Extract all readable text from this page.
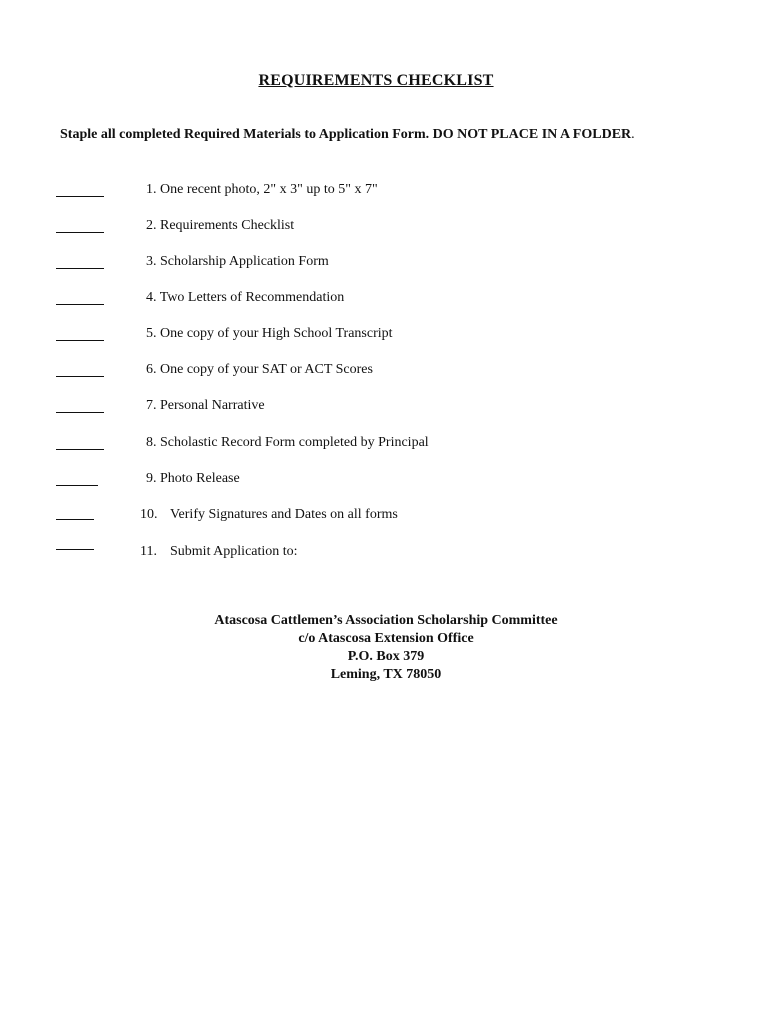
REQUIREMENTS CHECKLIST
Staple all completed Required Materials to Application Form. DO NOT PLACE IN A FOLDER.
1. One recent photo, 2" x 3" up to 5" x 7"
2. Requirements Checklist
3. Scholarship Application Form
4. Two Letters of Recommendation
5. One copy of your High School Transcript
6. One copy of your SAT or ACT Scores
7. Personal Narrative
8. Scholastic Record Form completed by Principal
9. Photo Release
10. Verify Signatures and Dates on all forms
11. Submit Application to:
Atascosa Cattlemen’s Association Scholarship Committee
c/o Atascosa Extension Office
P.O. Box 379
Leming, TX 78050
